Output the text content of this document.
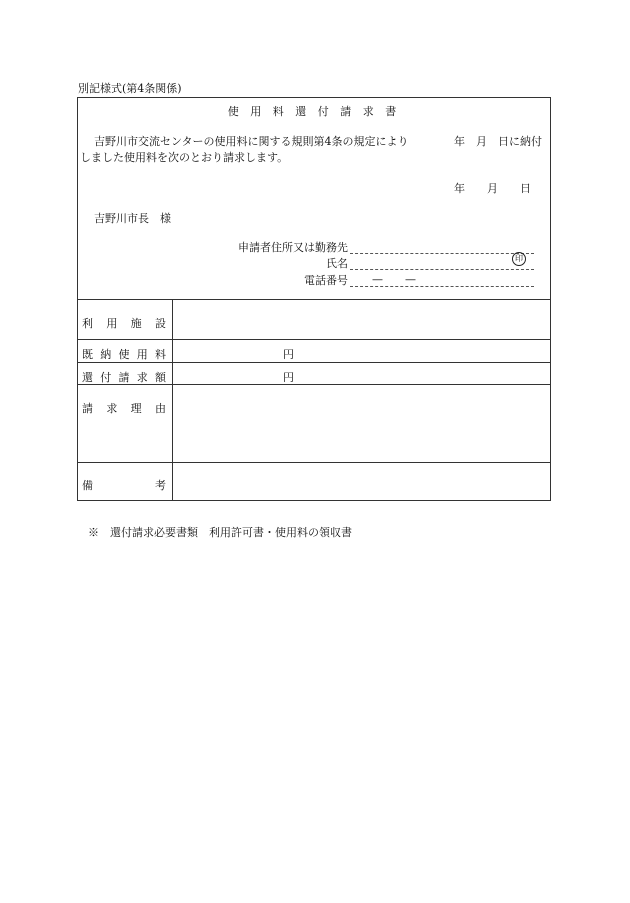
別記様式(第4条関係)
使 用 料 還 付 請 求 書
吉野川市交流センターの使用料に関する規則第4条の規定により	年　月　日に納付
しました使用料を次のとおり請求します。
年　　月　　日
吉野川市長　様
申請者住所又は勤務先
氏名	印
電話番号 —　　—
利 用 施 設
既 納 使 用 料	円
還 付 請 求 額	円
請 求 理 由
備	考
※　還付請求必要書類　利用許可書・使用料の領収書
